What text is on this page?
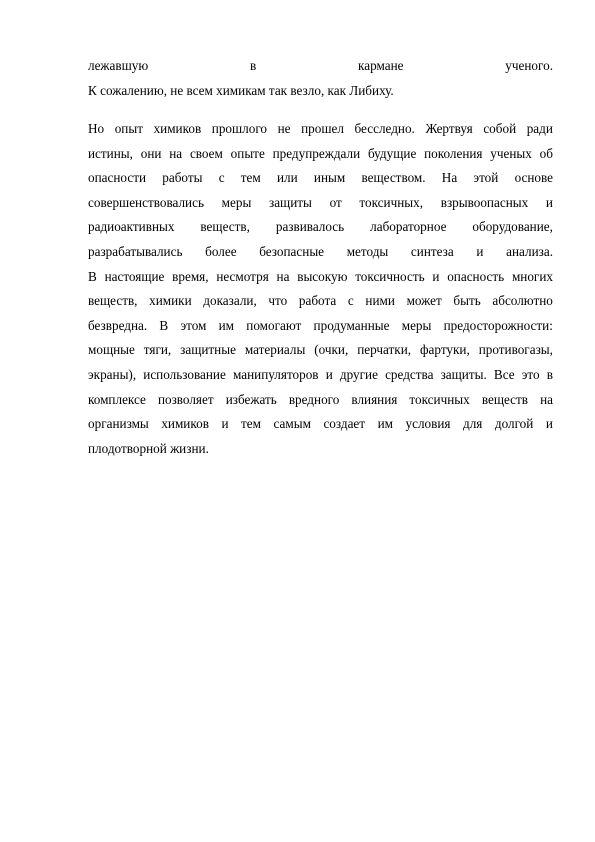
лежавшую	в	кармане	ученого.
К сожалению, не всем химикам так везло, как Либиху.
Но опыт химиков прошлого не прошел бесследно. Жертвуя собой ради
истины, они на своем опыте предупреждали будущие поколения ученых об
опасности работы с тем или иным веществом. На этой основе
совершенствовались меры защиты от токсичных, взрывоопасных и
радиоактивных веществ, развивалось лабораторное оборудование,
разрабатывались более безопасные методы синтеза и анализа.
В настоящие время, несмотря на высокую токсичность и опасность многих
веществ, химики доказали, что работа с ними может быть абсолютно
безвредна. В этом им помогают продуманные меры предосторожности:
мощные тяги, защитные материалы (очки, перчатки, фартуки, противогазы,
экраны), использование манипуляторов и другие средства защиты. Все это в
комплексе позволяет избежать вредного влияния токсичных веществ на
организмы химиков и тем самым создает им условия для долгой и
плодотворной жизни.
